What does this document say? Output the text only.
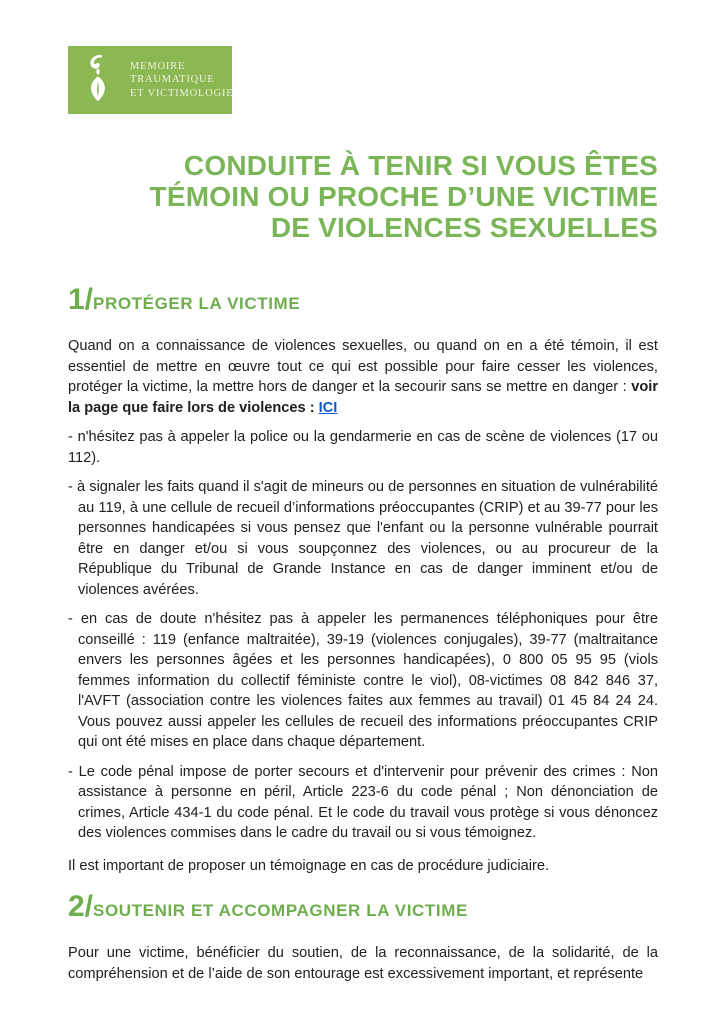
MEMOIRE
TRAUMATIQUE
ET VICTIMOLOGIE
CONDUITE À TENIR SI VOUS ÊTES
TÉMOIN OU PROCHE D’UNE VICTIME
DE VIOLENCES SEXUELLES
1/ PROTÉGER LA VICTIME

Quand on a connaissance de violences sexuelles, ou quand on en a été témoin, il est essentiel de mettre en œuvre tout ce qui est possible pour faire cesser les violences, protéger la victime, la mettre hors de danger et la secourir sans se mettre en danger : voir la page que faire lors de violences : ICI

- n'hésitez pas à appeler la police ou la gendarmerie en cas de scène de violences (17 ou 112).

- à signaler les faits quand il s'agit de mineurs ou de personnes en situation de vulnérabilité au 119, à une cellule de recueil d’informations préoccupantes (CRIP) et au 39-77 pour les personnes handicapées si vous pensez que l'enfant ou la personne vulnérable pourrait être en danger et/ou si vous soupçonnez des violences, ou au procureur de la République du Tribunal de Grande Instance en cas de danger imminent et/ou de violences avérées.

- en cas de doute n'hésitez pas à appeler les permanences téléphoniques pour être conseillé : 119 (enfance maltraitée), 39-19 (violences conjugales), 39-77 (maltraitance envers les personnes âgées et les personnes handicapées), 0 800 05 95 95 (viols femmes information du collectif féministe contre le viol), 08-victimes 08 842 846 37, l'AVFT (association contre les violences faites aux femmes au travail) 01 45 84 24 24. Vous pouvez aussi appeler les cellules de recueil des informations préoccupantes CRIP qui ont été mises en place dans chaque département.

- Le code pénal impose de porter secours et d'intervenir pour prévenir des crimes : Non assistance à personne en péril, Article 223-6 du code pénal ; Non dénonciation de crimes, Article 434-1 du code pénal. Et le code du travail vous protège si vous dénoncez des violences commises dans le cadre du travail ou si vous témoignez.

Il est important de proposer un témoignage en cas de procédure judiciaire.

2/ SOUTENIR ET ACCOMPAGNER LA VICTIME

Pour une victime, bénéficier du soutien, de la reconnaissance, de la solidarité, de la compréhension et de l’aide de son entourage est excessivement important, et représente
